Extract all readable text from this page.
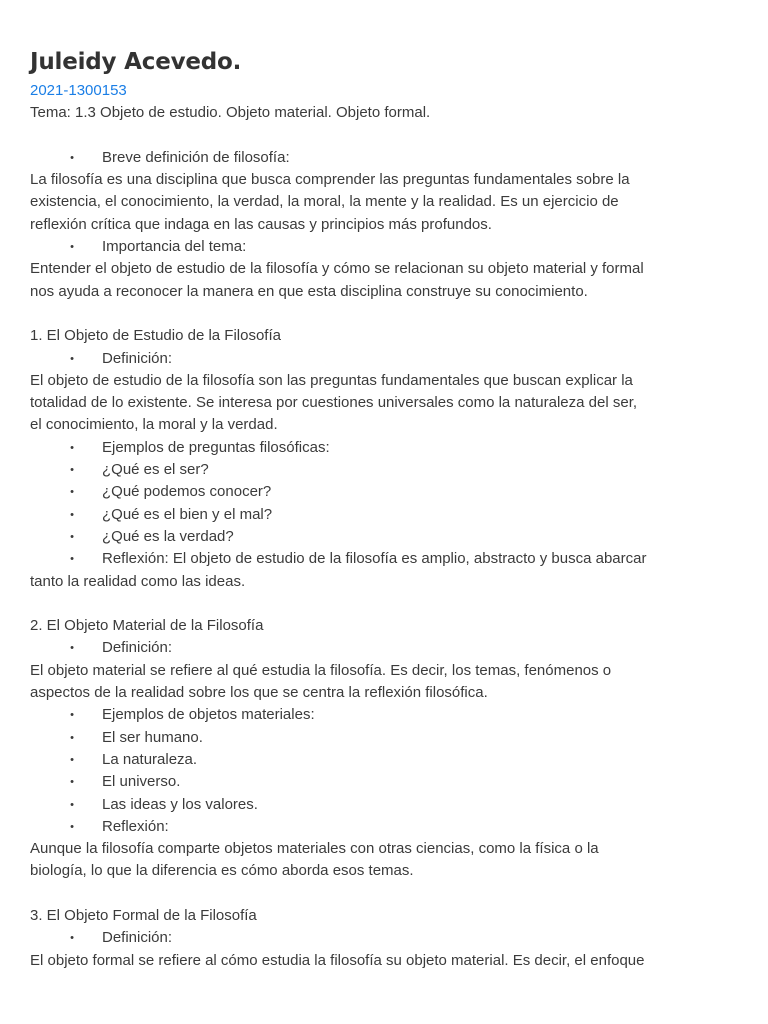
Juleidy Acevedo.
2021-1300153
Tema: 1.3 Objeto de estudio. Objeto material. Objeto formal.
• Breve definición de filosofía:
La filosofía es una disciplina que busca comprender las preguntas fundamentales sobre la
existencia, el conocimiento, la verdad, la moral, la mente y la realidad. Es un ejercicio de
reflexión crítica que indaga en las causas y principios más profundos.
• Importancia del tema:
Entender el objeto de estudio de la filosofía y cómo se relacionan su objeto material y formal
nos ayuda a reconocer la manera en que esta disciplina construye su conocimiento.
1. El Objeto de Estudio de la Filosofía
• Definición:
El objeto de estudio de la filosofía son las preguntas fundamentales que buscan explicar la
totalidad de lo existente. Se interesa por cuestiones universales como la naturaleza del ser,
el conocimiento, la moral y la verdad.
• Ejemplos de preguntas filosóficas:
• ¿Qué es el ser?
• ¿Qué podemos conocer?
• ¿Qué es el bien y el mal?
• ¿Qué es la verdad?
• Reflexión: El objeto de estudio de la filosofía es amplio, abstracto y busca abarcar
tanto la realidad como las ideas.
2. El Objeto Material de la Filosofía
• Definición:
El objeto material se refiere al qué estudia la filosofía. Es decir, los temas, fenómenos o
aspectos de la realidad sobre los que se centra la reflexión filosófica.
• Ejemplos de objetos materiales:
• El ser humano.
• La naturaleza.
• El universo.
• Las ideas y los valores.
• Reflexión:
Aunque la filosofía comparte objetos materiales con otras ciencias, como la física o la
biología, lo que la diferencia es cómo aborda esos temas.
3. El Objeto Formal de la Filosofía
• Definición:
El objeto formal se refiere al cómo estudia la filosofía su objeto material. Es decir, el enfoque
